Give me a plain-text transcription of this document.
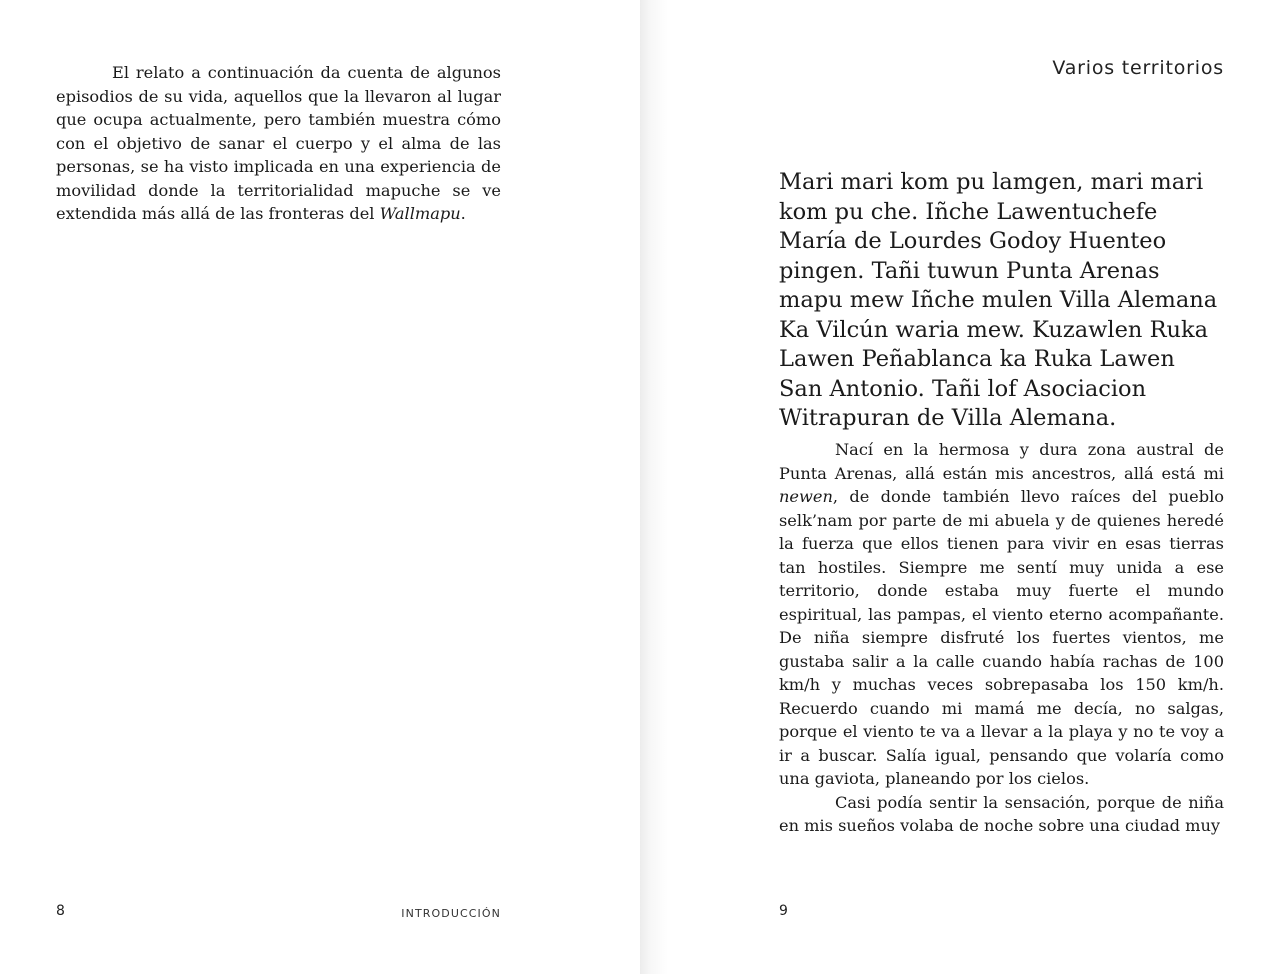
El relato a continuación da cuenta de algunos episodios de su vida, aquellos que la llevaron al lugar que ocupa actualmente, pero también muestra cómo con el objetivo de sanar el cuerpo y el alma de las personas, se ha visto implicada en una experiencia de movilidad donde la territorialidad mapuche se ve extendida más allá de las fronteras del Wallmapu.

8	INTRODUCCIÓN
Varios territorios

Mari mari kom pu lamgen, mari mari kom pu che. Iñche Lawentuchefe María de Lourdes Godoy Huenteo pingen. Tañi tuwun Punta Arenas mapu mew Iñche mulen Villa Alemana Ka Vilcún waria mew. Kuzawlen Ruka Lawen Peñablanca ka Ruka Lawen San Antonio. Tañi lof Asociacion Witrapuran de Villa Alemana.

Nací en la hermosa y dura zona austral de Punta Arenas, allá están mis ancestros, allá está mi newen, de donde también llevo raíces del pueblo selk’nam por parte de mi abuela y de quienes heredé la fuerza que ellos tienen para vivir en esas tierras tan hostiles. Siempre me sentí muy unida a ese territorio, donde estaba muy fuerte el mundo espiritual, las pampas, el viento eterno acompañante. De niña siempre disfruté los fuertes vientos, me gustaba salir a la calle cuando había rachas de 100 km/h y muchas veces sobrepasaba los 150 km/h. Recuerdo cuando mi mamá me decía, no salgas, porque el viento te va a llevar a la playa y no te voy a ir a buscar. Salía igual, pensando que volaría como una gaviota, planeando por los cielos.

Casi podía sentir la sensación, porque de niña en mis sueños volaba de noche sobre una ciudad muy

9
